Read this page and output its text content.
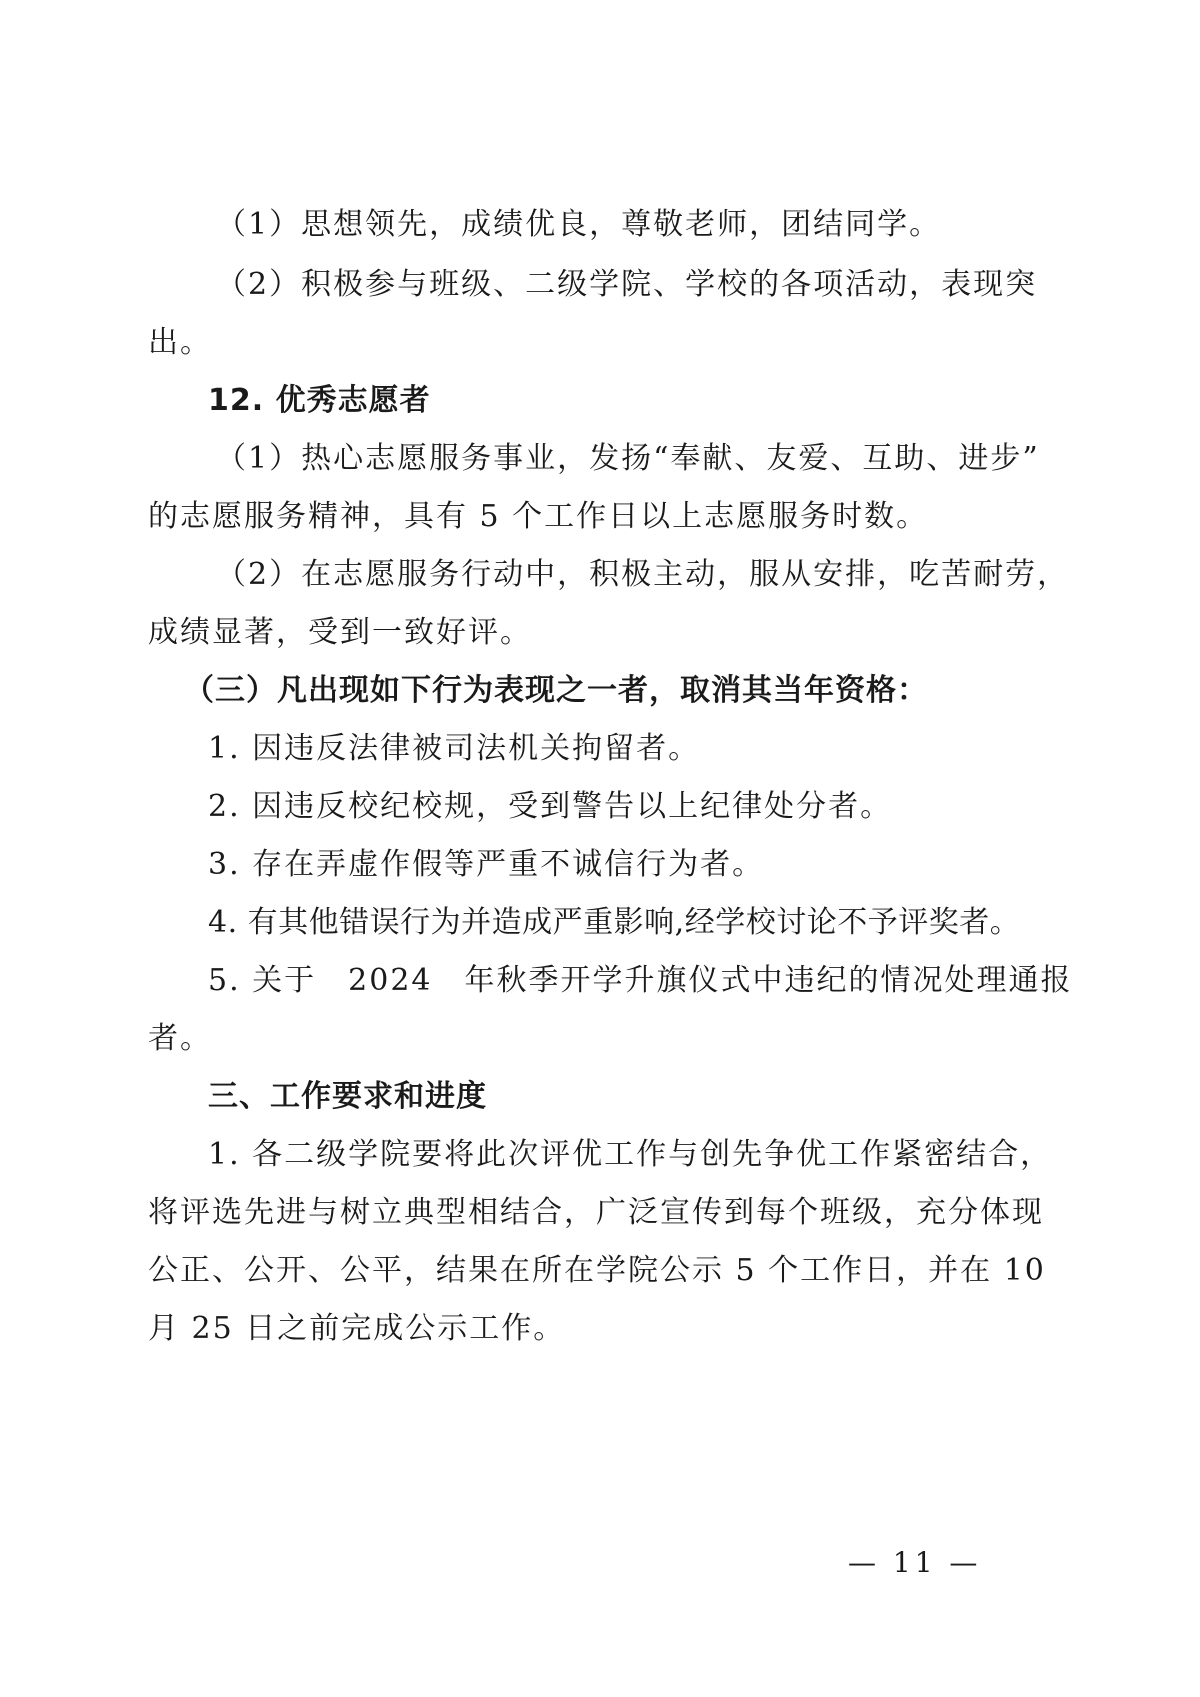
（1）思想领先，成绩优良，尊敬老师，团结同学。
（2）积极参与班级、二级学院、学校的各项活动，表现突
出。
12. 优秀志愿者
（1）热心志愿服务事业，发扬“奉献、友爱、互助、进步”
的志愿服务精神，具有 5 个工作日以上志愿服务时数。
（2）在志愿服务行动中，积极主动，服从安排，吃苦耐劳，
成绩显著，受到一致好评。
（三）凡出现如下行为表现之一者，取消其当年资格：
1. 因违反法律被司法机关拘留者。
2. 因违反校纪校规，受到警告以上纪律处分者。
3. 存在弄虚作假等严重不诚信行为者。
4. 有其他错误行为并造成严重影响,经学校讨论不予评奖者。
5. 关于　2024　年秋季开学升旗仪式中违纪的情况处理通报
者。
三、工作要求和进度
1. 各二级学院要将此次评优工作与创先争优工作紧密结合，
将评选先进与树立典型相结合，广泛宣传到每个班级，充分体现
公正、公开、公平，结果在所在学院公示 5 个工作日，并在 10
月 25 日之前完成公示工作。
— 11 —
